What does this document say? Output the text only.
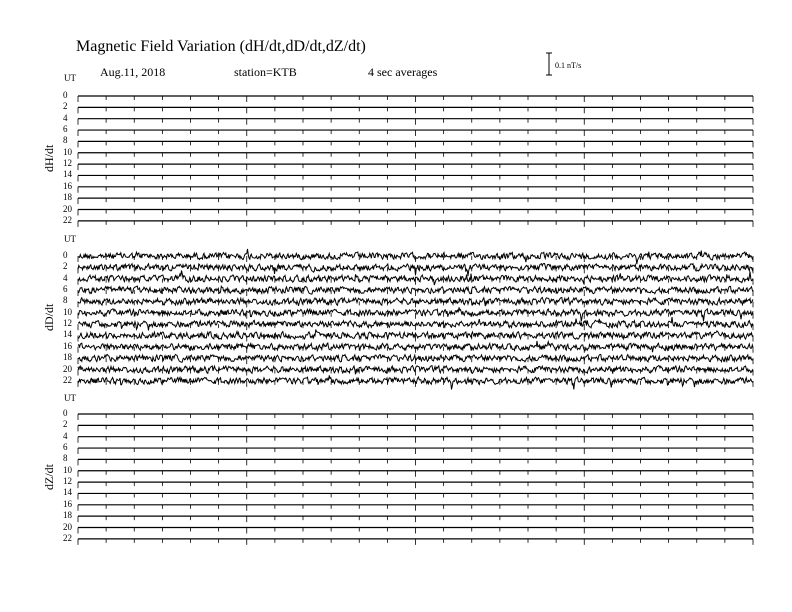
Magnetic Field Variation (dH/dt,dD/dt,dZ/dt)
Aug.11, 2018	station=KTB	4 sec averages	0.1 nT/s
UT
dH/dt
0
2
4
6
8
10
12
14
16
18
20
22
UT
dD/dt
0
2
4
6
8
10
12
14
16
18
20
22
UT
dZ/dt
0
2
4
6
8
10
12
14
16
18
20
22
